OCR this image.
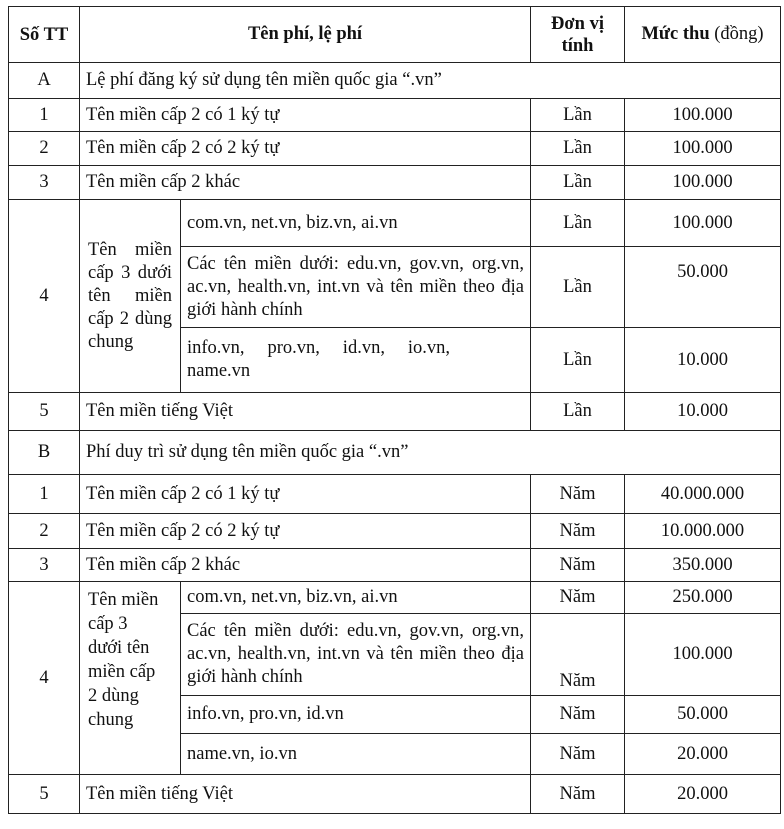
Số TT	Tên phí, lệ phí		Đơn vị tính	Mức thu (đồng)
A	Lệ phí đăng ký sử dụng tên miền quốc gia “.vn”			
1	Tên miền cấp 2 có 1 ký tự		Lần	100.000
2	Tên miền cấp 2 có 2 ký tự		Lần	100.000
3	Tên miền cấp 2 khác		Lần	100.000
4	Tên miền cấp 3 dưới tên miền cấp 2 dùng chung	com.vn, net.vn, biz.vn, ai.vn	Lần	100.000
		Các tên miền dưới: edu.vn, gov.vn, org.vn, ac.vn, health.vn, int.vn và tên miền theo địa giới hành chính	Lần	50.000
		info.vn, pro.vn, id.vn, io.vn, name.vn	Lần	10.000
5	Tên miền tiếng Việt		Lần	10.000
B	Phí duy trì sử dụng tên miền quốc gia “.vn”			
1	Tên miền cấp 2 có 1 ký tự		Năm	40.000.000
2	Tên miền cấp 2 có 2 ký tự		Năm	10.000.000
3	Tên miền cấp 2 khác		Năm	350.000
4	Tên miền cấp 3 dưới tên miền cấp 2 dùng chung	com.vn, net.vn, biz.vn, ai.vn	Năm	250.000
		Các tên miền dưới: edu.vn, gov.vn, org.vn, ac.vn, health.vn, int.vn và tên miền theo địa giới hành chính	Năm	100.000
		info.vn, pro.vn, id.vn	Năm	50.000
		name.vn, io.vn	Năm	20.000
5	Tên miền tiếng Việt		Năm	20.000
